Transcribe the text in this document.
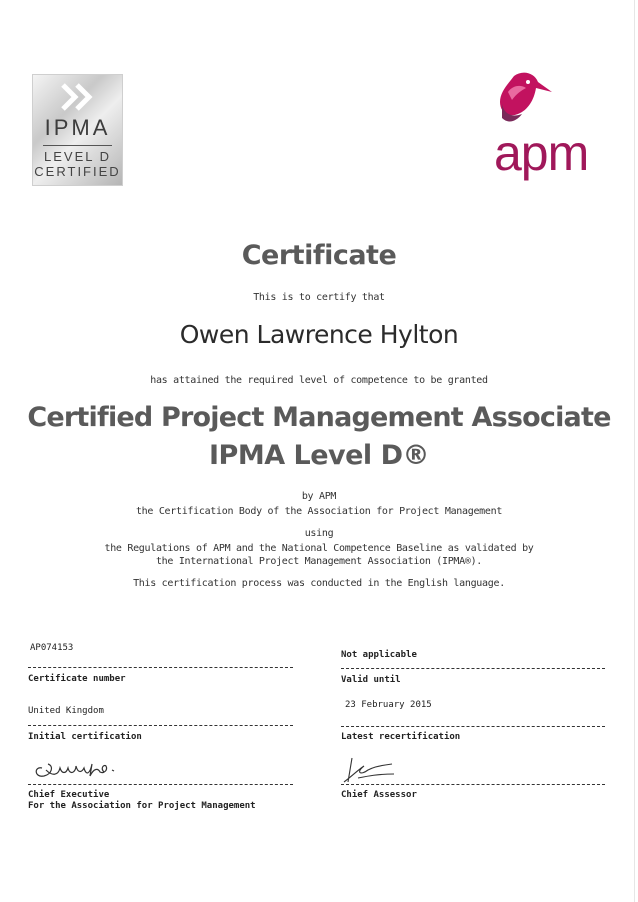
IPMA
LEVEL D
CERTIFIED	apm
Certificate
This is to certify that
Owen Lawrence Hylton
has attained the required level of competence to be granted
Certified Project Management Associate
IPMA Level D®
by APM
the Certification Body of the Association for Project Management
using
the Regulations of APM and the National Competence Baseline as validated by
the International Project Management Association (IPMA®).
This certification process was conducted in the English language.
AP074153
Certificate number
United Kingdom
Initial certification
Chief Executive
For the Association for Project Management
Not applicable
Valid until
23 February 2015
Latest recertification
Chief Assessor
